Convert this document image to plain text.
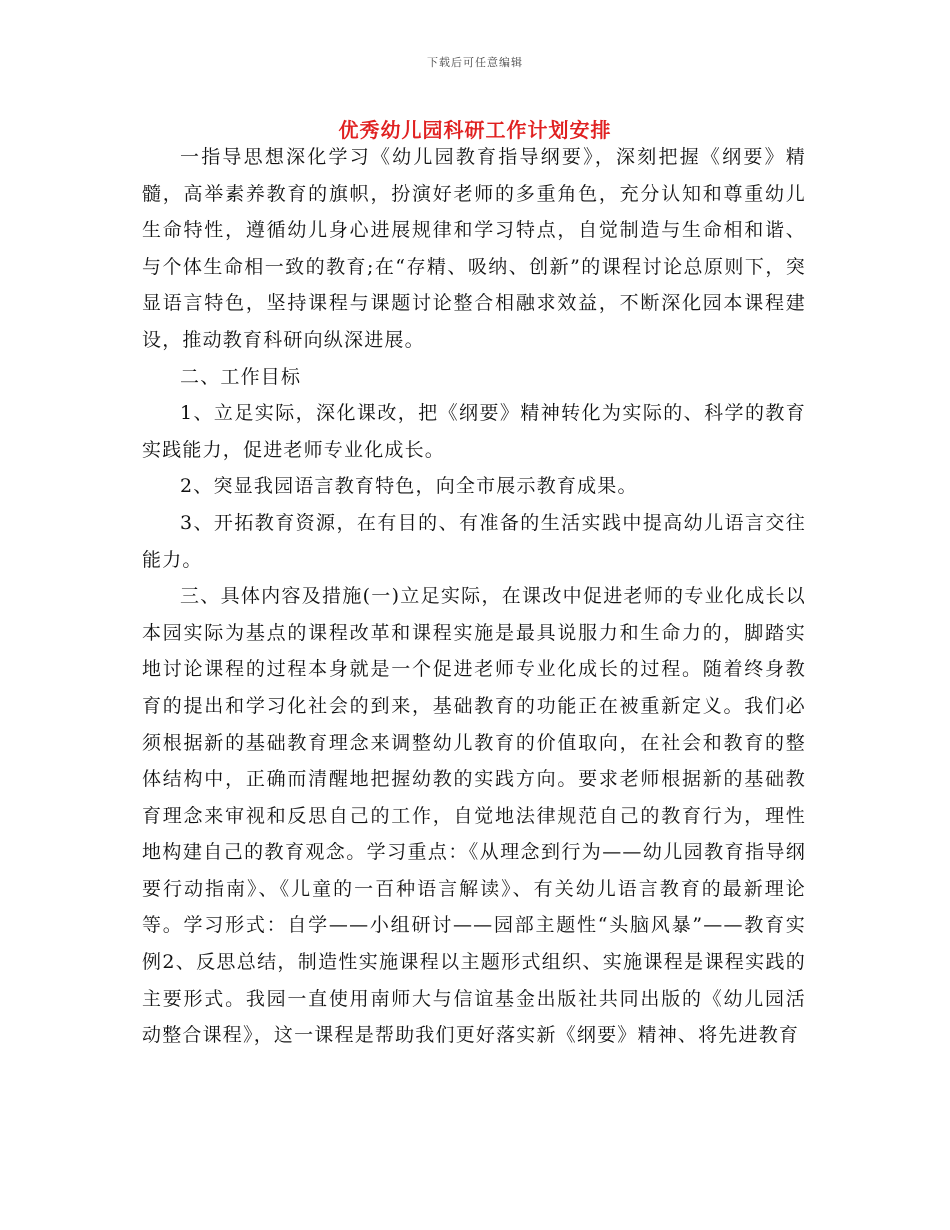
下载后可任意编辑
优秀幼儿园科研工作计划安排

一指导思想深化学习《幼儿园教育指导纲要》，深刻把握《纲要》精髓，高举素养教育的旗帜，扮演好老师的多重角色，充分认知和尊重幼儿生命特性，遵循幼儿身心进展规律和学习特点，自觉制造与生命相和谐、与个体生命相一致的教育;在“存精、吸纳、创新”的课程讨论总原则下，突显语言特色，坚持课程与课题讨论整合相融求效益，不断深化园本课程建设，推动教育科研向纵深进展。

二、工作目标

1、立足实际，深化课改，把《纲要》精神转化为实际的、科学的教育实践能力，促进老师专业化成长。

2、突显我园语言教育特色，向全市展示教育成果。

3、开拓教育资源，在有目的、有准备的生活实践中提高幼儿语言交往能力。

三、具体内容及措施(一)立足实际，在课改中促进老师的专业化成长以本园实际为基点的课程改革和课程实施是最具说服力和生命力的，脚踏实地讨论课程的过程本身就是一个促进老师专业化成长的过程。随着终身教育的提出和学习化社会的到来，基础教育的功能正在被重新定义。我们必须根据新的基础教育理念来调整幼儿教育的价值取向，在社会和教育的整体结构中，正确而清醒地把握幼教的实践方向。要求老师根据新的基础教育理念来审视和反思自己的工作，自觉地法律规范自己的教育行为，理性地构建自己的教育观念。学习重点：《从理念到行为——幼儿园教育指导纲要行动指南》、《儿童的一百种语言解读》、有关幼儿语言教育的最新理论等。学习形式：自学——小组研讨——园部主题性“头脑风暴”——教育实例2、反思总结，制造性实施课程以主题形式组织、实施课程是课程实践的主要形式。我园一直使用南师大与信谊基金出版社共同出版的《幼儿园活动整合课程》，这一课程是帮助我们更好落实新《纲要》精神、将先进教育
